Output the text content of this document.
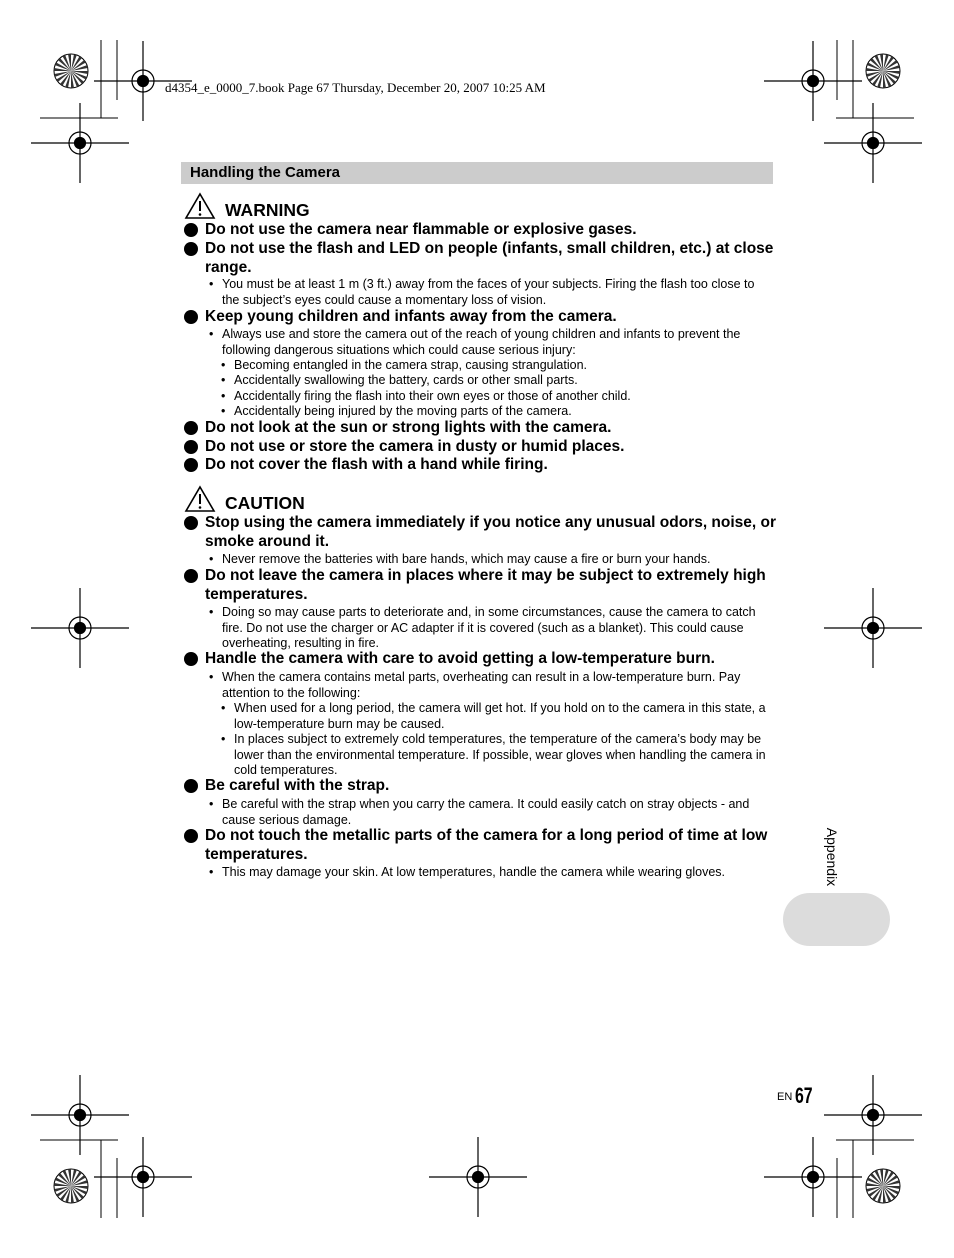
d4354_e_0000_7.book Page 67 Thursday, December 20, 2007 10:25 AM
Handling the Camera
WARNING
Do not use the camera near flammable or explosive gases.
Do not use the flash and LED on people (infants, small children, etc.) at close range.
• You must be at least 1 m (3 ft.) away from the faces of your subjects. Firing the flash too close to the subject’s eyes could cause a momentary loss of vision.
Keep young children and infants away from the camera.
• Always use and store the camera out of the reach of young children and infants to prevent the following dangerous situations which could cause serious injury:
• Becoming entangled in the camera strap, causing strangulation.
• Accidentally swallowing the battery, cards or other small parts.
• Accidentally firing the flash into their own eyes or those of another child.
• Accidentally being injured by the moving parts of the camera.
Do not look at the sun or strong lights with the camera.
Do not use or store the camera in dusty or humid places.
Do not cover the flash with a hand while firing.
CAUTION
Stop using the camera immediately if you notice any unusual odors, noise, or smoke around it.
• Never remove the batteries with bare hands, which may cause a fire or burn your hands.
Do not leave the camera in places where it may be subject to extremely high temperatures.
• Doing so may cause parts to deteriorate and, in some circumstances, cause the camera to catch fire. Do not use the charger or AC adapter if it is covered (such as a blanket). This could cause overheating, resulting in fire.
Handle the camera with care to avoid getting a low-temperature burn.
• When the camera contains metal parts, overheating can result in a low-temperature burn. Pay attention to the following:
• When used for a long period, the camera will get hot. If you hold on to the camera in this state, a low-temperature burn may be caused.
• In places subject to extremely cold temperatures, the temperature of the camera’s body may be lower than the environmental temperature. If possible, wear gloves when handling the camera in cold temperatures.
Be careful with the strap.
• Be careful with the strap when you carry the camera. It could easily catch on stray objects - and cause serious damage.
Do not touch the metallic parts of the camera for a long period of time at low temperatures.
• This may damage your skin. At low temperatures, handle the camera while wearing gloves.	Appendix
EN 67
